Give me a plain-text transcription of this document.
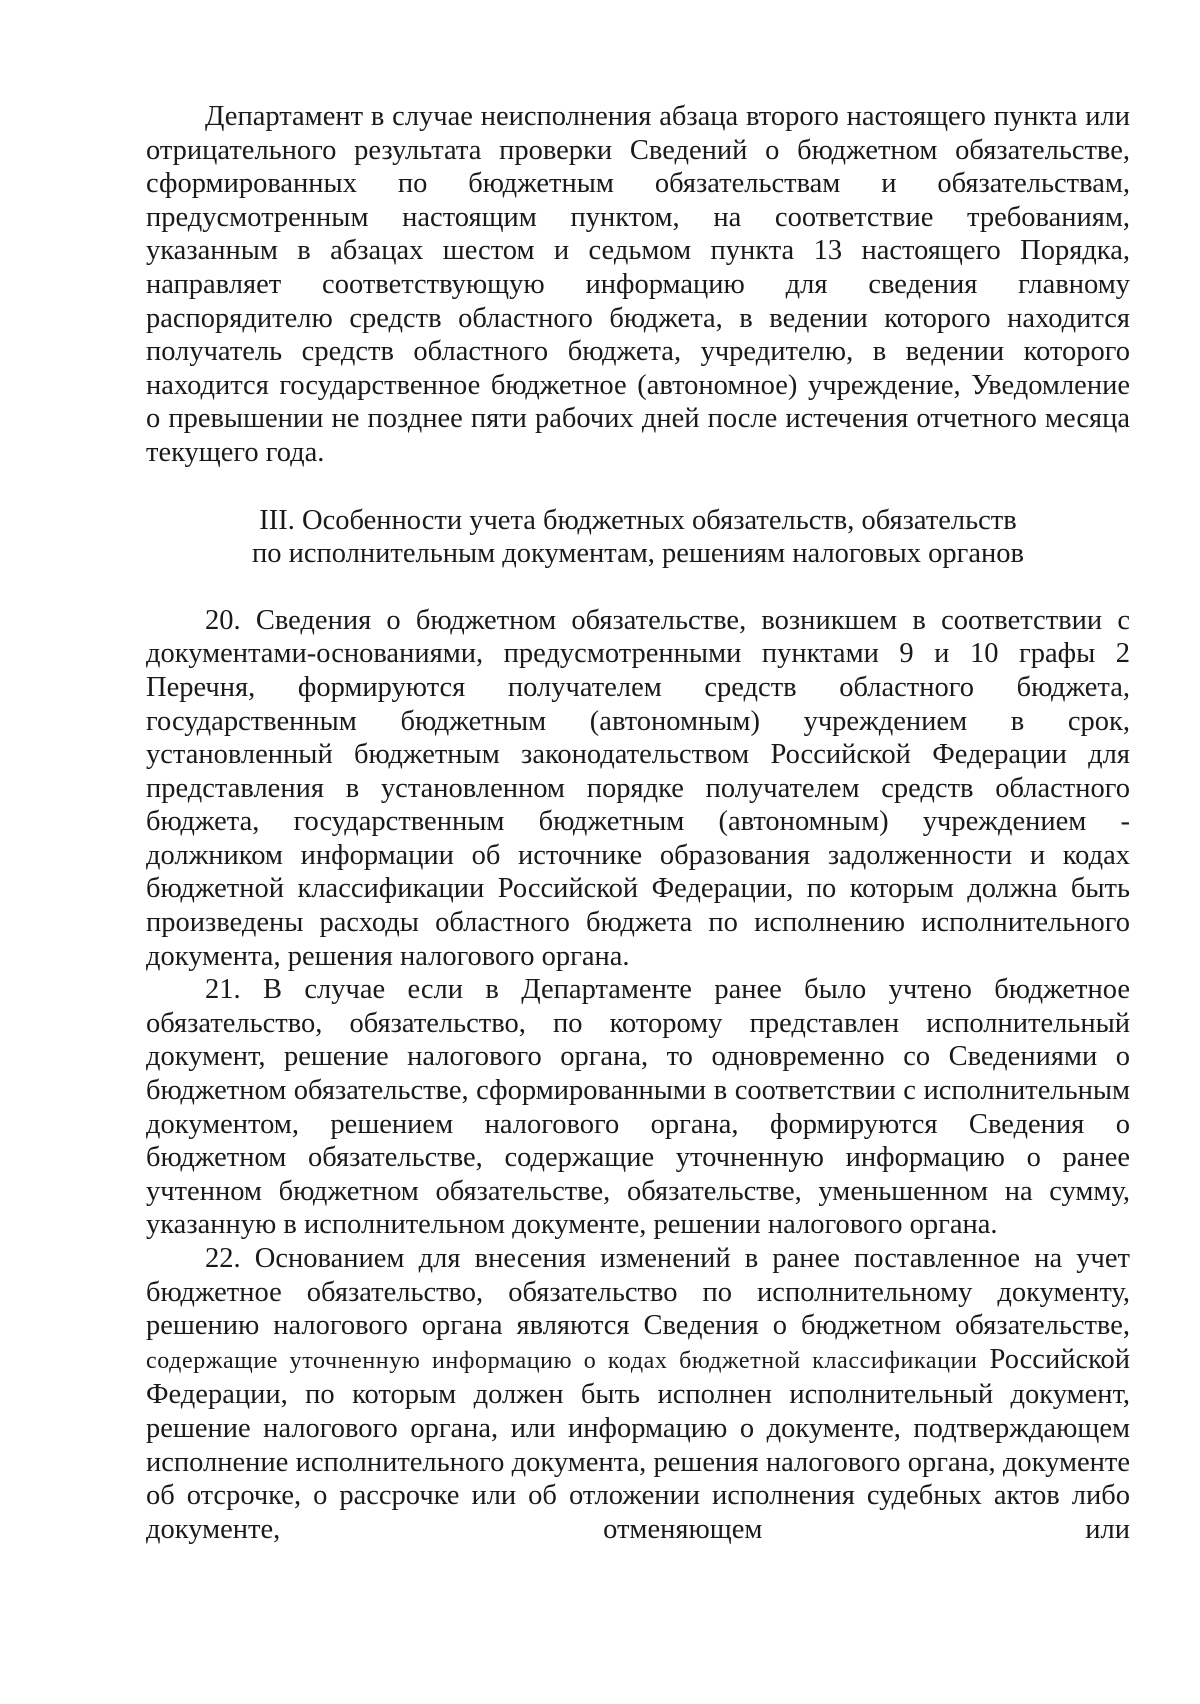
Департамент в случае неисполнения абзаца второго настоящего пункта или отрицательного результата проверки Сведений о бюджетном обязательстве, сформированных по бюджетным обязательствам и обязательствам, предусмотренным настоящим пунктом, на соответствие требованиям, указанным в абзацах шестом и седьмом пункта 13 настоящего Порядка, направляет соответствующую информацию для сведения главному распорядителю средств областного бюджета, в ведении которого находится получатель средств областного бюджета, учредителю, в ведении которого находится государственное бюджетное (автономное) учреждение, Уведомление о превышении не позднее пяти рабочих дней после истечения отчетного месяца текущего года.

III. Особенности учета бюджетных обязательств, обязательств
по исполнительным документам, решениям налоговых органов

20. Сведения о бюджетном обязательстве, возникшем в соответствии с документами-основаниями, предусмотренными пунктами 9 и 10 графы 2 Перечня, формируются получателем средств областного бюджета, государственным бюджетным (автономным) учреждением в срок, установленный бюджетным законодательством Российской Федерации для представления в установленном порядке получателем средств областного бюджета, государственным бюджетным (автономным) учреждением - должником информации об источнике образования задолженности и кодах бюджетной классификации Российской Федерации, по которым должна быть произведены расходы областного бюджета по исполнению исполнительного документа, решения налогового органа.

21. В случае если в Департаменте ранее было учтено бюджетное обязательство, обязательство, по которому представлен исполнительный документ, решение налогового органа, то одновременно со Сведениями о бюджетном обязательстве, сформированными в соответствии с исполнительным документом, решением налогового органа, формируются Сведения о бюджетном обязательстве, содержащие уточненную информацию о ранее учтенном бюджетном обязательстве, обязательстве, уменьшенном на сумму, указанную в исполнительном документе, решении налогового органа.

22. Основанием для внесения изменений в ранее поставленное на учет бюджетное обязательство, обязательство по исполнительному документу, решению налогового органа являются Сведения о бюджетном обязательстве, содержащие уточненную информацию о кодах бюджетной классификации Российской Федерации, по которым должен быть исполнен исполнительный документ, решение налогового органа, или информацию о документе, подтверждающем исполнение исполнительного документа, решения налогового органа, документе об отсрочке, о рассрочке или об отложении исполнения судебных актов либо документе, отменяющем или
